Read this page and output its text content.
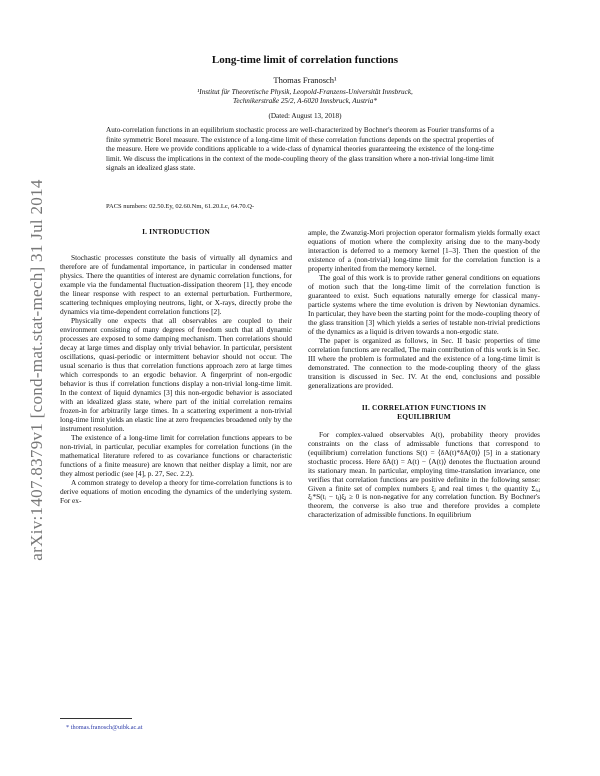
arXiv:1407.8379v1 [cond-mat.stat-mech] 31 Jul 2014
Long-time limit of correlation functions
Thomas Franosch¹
¹Institut für Theoretische Physik, Leopold-Franzens-Universität Innsbruck,
Technikerstraße 25/2, A-6020 Innsbruck, Austria*
(Dated: August 13, 2018)
Auto-correlation functions in an equilibrium stochastic process are well-characterized by Bochner's theorem as Fourier transforms of a finite symmetric Borel measure. The existence of a long-time limit of these correlation functions depends on the spectral properties of the measure. Here we provide conditions applicable to a wide-class of dynamical theories guaranteeing the existence of the long-time limit. We discuss the implications in the context of the mode-coupling theory of the glass transition where a non-trivial long-time limit signals an idealized glass state.
PACS numbers: 02.50.Ey, 02.60.Nm, 61.20.Lc, 64.70.Q-
I. INTRODUCTION

Stochastic processes constitute the basis of virtually all dynamics and therefore are of fundamental importance, in particular in condensed matter physics. There the quantities of interest are dynamic correlation functions, for example via the fundamental fluctuation-dissipation theorem [1], they encode the linear response with respect to an external perturbation. Furthermore, scattering techniques employing neutrons, light, or X-rays, directly probe the dynamics via time-dependent correlation functions [2].

Physically one expects that all observables are coupled to their environment consisting of many degrees of freedom such that all dynamic processes are exposed to some damping mechanism. Then correlations should decay at large times and display only trivial behavior. In particular, persistent oscillations, quasi-periodic or intermittent behavior should not occur. The usual scenario is thus that correlation functions approach zero at large times which corresponds to an ergodic behavior. A fingerprint of non-ergodic behavior is thus if correlation functions display a non-trivial long-time limit. In the context of liquid dynamics [3] this non-ergodic behavior is associated with an idealized glass state, where part of the initial correlation remains frozen-in for arbitrarily large times. In a scattering experiment a non-trivial long-time limit yields an elastic line at zero frequencies broadened only by the instrument resolution.

The existence of a long-time limit for correlation functions appears to be non-trivial, in particular, peculiar examples for correlation functions (in the mathematical literature refered to as covariance functions or characteristic functions of a finite measure) are known that neither display a limit, nor are they almost periodic (see [4], p. 27, Sec. 2.2).

A common strategy to develop a theory for time-correlation functions is to derive equations of motion encoding the dynamics of the underlying system. For ex-

ample, the Zwanzig-Mori projection operator formalism yields formally exact equations of motion where the complexity arising due to the many-body interaction is deferred to a memory kernel [1–3]. Then the question of the existence of a (non-trivial) long-time limit for the correlation function is a property inherited from the memory kernel.

The goal of this work is to provide rather general conditions on equations of motion such that the long-time limit of the correlation function is guaranteed to exist. Such equations naturally emerge for classical many-particle systems where the time evolution is driven by Newtonian dynamics. In particular, they have been the starting point for the mode-coupling theory of the glass transition [3] which yields a series of testable non-trivial predictions of the dynamics as a liquid is driven towards a non-ergodic state.

The paper is organized as follows, in Sec. II basic properties of time correlation functions are recalled, The main contribution of this work is in Sec. III where the problem is formulated and the existence of a long-time limit is demonstrated. The connection to the mode-coupling theory of the glass transition is discussed in Sec. IV. At the end, conclusions and possible generalizations are provided.

II. CORRELATION FUNCTIONS IN
EQUILIBRIUM

For complex-valued observables A(t), probability theory provides constraints on the class of admissable functions that correspond to (equilibrium) correlation functions S(t) = ⟨δA(t)*δA(0)⟩ [5] in a stationary stochastic process. Here δA(t) = A(t) − ⟨A(t)⟩ denotes the fluctuation around its stationary mean. In particular, employing time-translation invariance, one verifies that correlation functions are positive definite in the following sense: Given a finite set of complex numbers ξᵢ and real times tᵢ the quantity Σᵢ,ⱼ ξᵢ*S(tᵢ − tⱼ)ξⱼ ≥ 0 is non-negative for any correlation function. By Bochner's theorem, the converse is also true and therefore provides a complete characterization of admissible functions. In equilibrium

* thomas.franosch@uibk.ac.at
